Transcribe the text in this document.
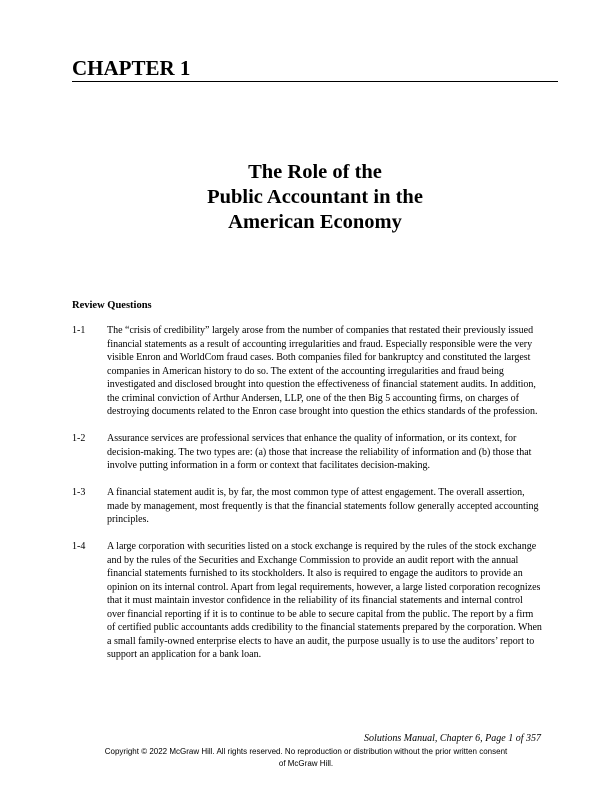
CHAPTER 1
The Role of the
Public Accountant in the
American Economy
Review Questions
1-1 The “crisis of credibility” largely arose from the number of companies that restated their previously issued financial statements as a result of accounting irregularities and fraud. Especially responsible were the very visible Enron and WorldCom fraud cases. Both companies filed for bankruptcy and constituted the largest companies in American history to do so. The extent of the accounting irregularities and fraud being investigated and disclosed brought into question the effectiveness of financial statement audits. In addition, the criminal conviction of Arthur Andersen, LLP, one of the then Big 5 accounting firms, on charges of destroying documents related to the Enron case brought into question the ethics standards of the profession.
1-2 Assurance services are professional services that enhance the quality of information, or its context, for decision-making. The two types are: (a) those that increase the reliability of information and (b) those that involve putting information in a form or context that facilitates decision-making.
1-3 A financial statement audit is, by far, the most common type of attest engagement. The overall assertion, made by management, most frequently is that the financial statements follow generally accepted accounting principles.
1-4 A large corporation with securities listed on a stock exchange is required by the rules of the stock exchange and by the rules of the Securities and Exchange Commission to provide an audit report with the annual financial statements furnished to its stockholders. It also is required to engage the auditors to provide an opinion on its internal control. Apart from legal requirements, however, a large listed corporation recognizes that it must maintain investor confidence in the reliability of its financial statements and internal control over financial reporting if it is to continue to be able to secure capital from the public. The report by a firm of certified public accountants adds credibility to the financial statements prepared by the corporation. When a small family-owned enterprise elects to have an audit, the purpose usually is to use the auditors’ report to support an application for a bank loan.
Solutions Manual, Chapter 6, Page 1 of 357
Copyright © 2022 McGraw Hill. All rights reserved. No reproduction or distribution without the prior written consent
of McGraw Hill.
